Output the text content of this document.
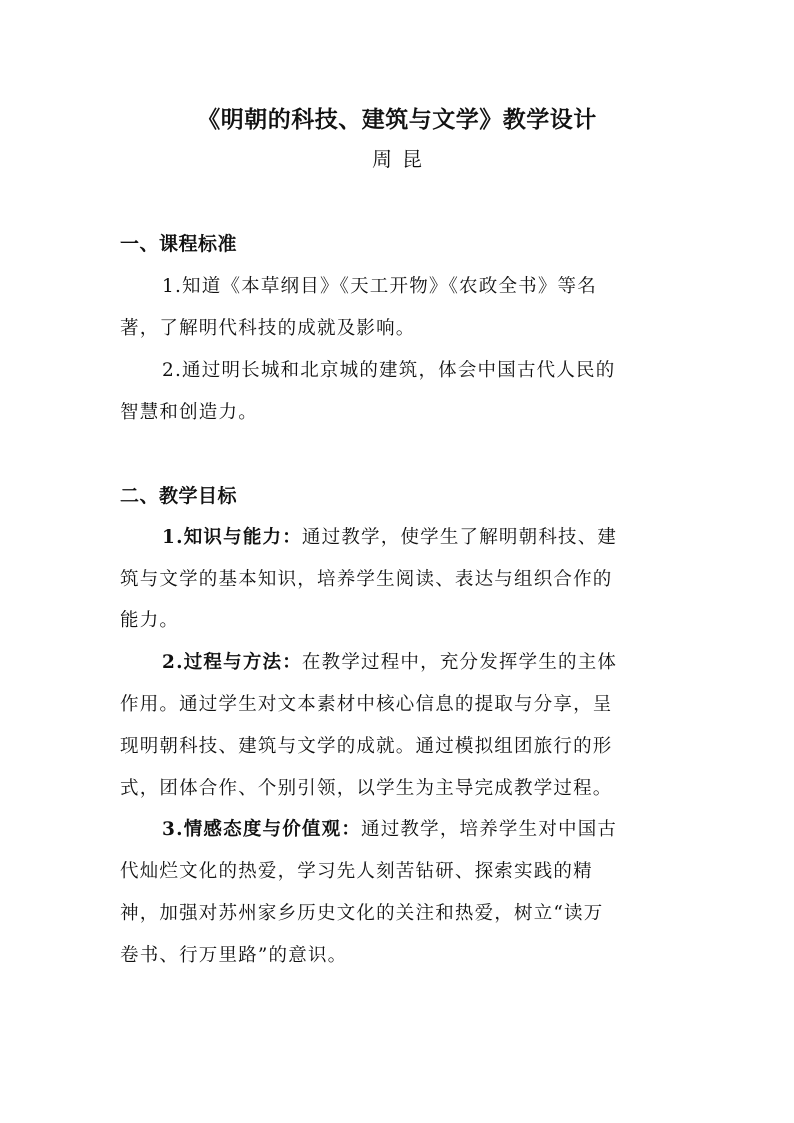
《明朝的科技、建筑与文学》教学设计
周昆
一、课程标准
1.知道《本草纲目》《天工开物》《农政全书》等名
著，了解明代科技的成就及影响。
2.通过明长城和北京城的建筑，体会中国古代人民的
智慧和创造力。
二、教学目标
1.知识与能力：通过教学，使学生了解明朝科技、建
筑与文学的基本知识，培养学生阅读、表达与组织合作的
能力。
2.过程与方法：在教学过程中，充分发挥学生的主体
作用。通过学生对文本素材中核心信息的提取与分享，呈
现明朝科技、建筑与文学的成就。通过模拟组团旅行的形
式，团体合作、个别引领，以学生为主导完成教学过程。
3.情感态度与价值观：通过教学，培养学生对中国古
代灿烂文化的热爱，学习先人刻苦钻研、探索实践的精
神，加强对苏州家乡历史文化的关注和热爱，树立“读万
卷书、行万里路”的意识。
